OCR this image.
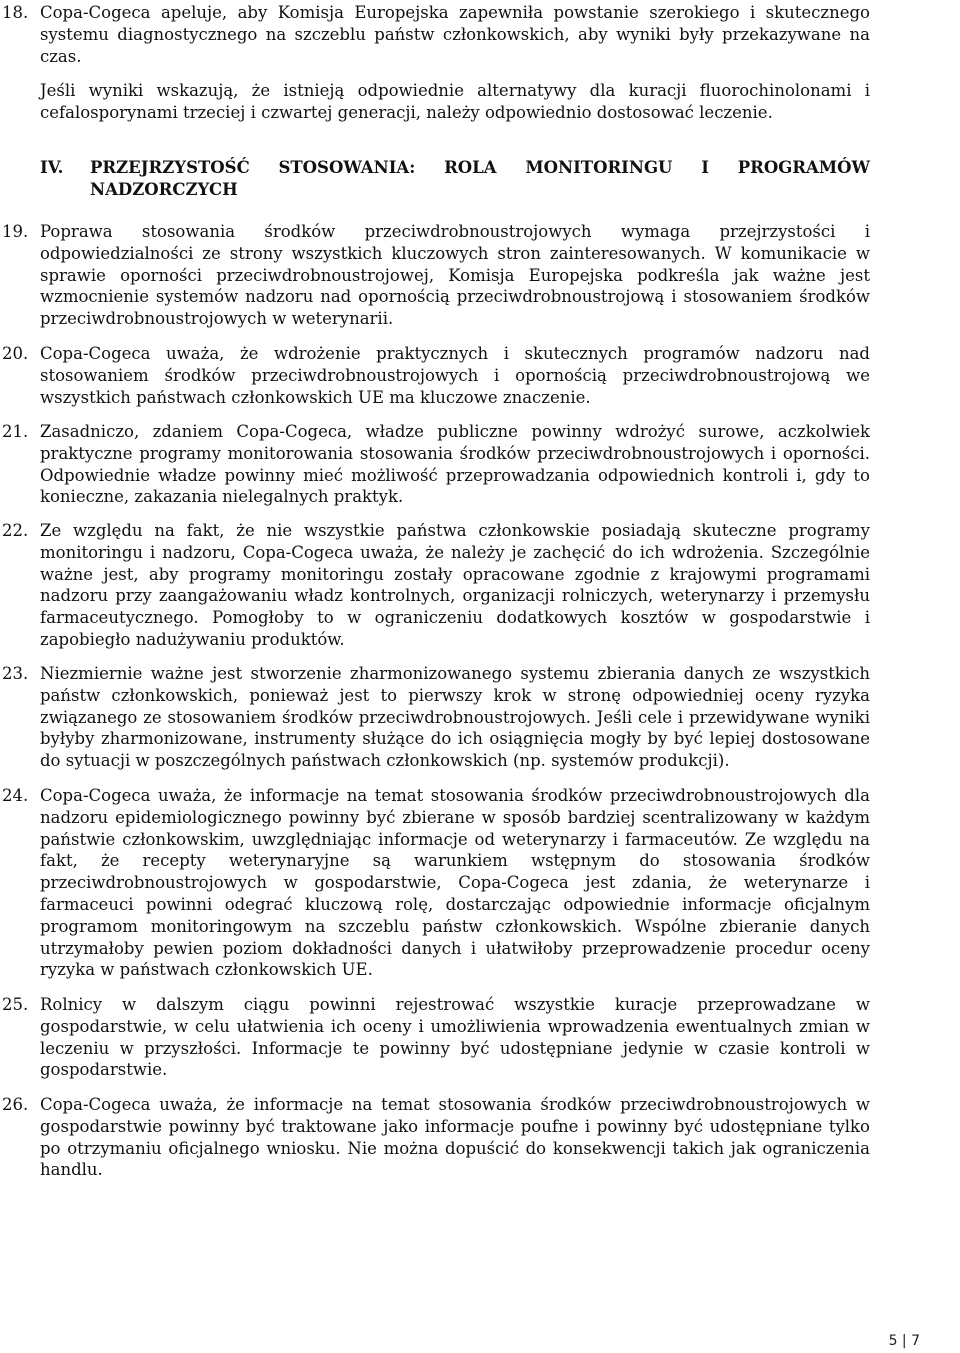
18. Copa-Cogeca apeluje, aby Komisja Europejska zapewniła powstanie szerokiego i skutecznego systemu diagnostycznego na szczeblu państw członkowskich, aby wyniki były przekazywane na czas.

Jeśli wyniki wskazują, że istnieją odpowiednie alternatywy dla kuracji fluorochinolonami i cefalosporynami trzeciej i czwartej generacji, należy odpowiednio dostosować leczenie.

IV.	PRZEJRZYSTOŚĆ STOSOWANIA: ROLA MONITORINGU I PROGRAMÓW NADZORCZYCH
19. Poprawa stosowania środków przeciwdrobnoustrojowych wymaga przejrzystości i odpowiedzialności ze strony wszystkich kluczowych stron zainteresowanych. W komunikacie w sprawie oporności przeciwdrobnoustrojowej, Komisja Europejska podkreśla jak ważne jest wzmocnienie systemów nadzoru nad opornością przeciwdrobnoustrojową i stosowaniem środków przeciwdrobnoustrojowych w weterynarii.

20. Copa-Cogeca uważa, że wdrożenie praktycznych i skutecznych programów nadzoru nad stosowaniem środków przeciwdrobnoustrojowych i opornością przeciwdrobnoustrojową we wszystkich państwach członkowskich UE ma kluczowe znaczenie.

21. Zasadniczo, zdaniem Copa-Cogeca, władze publiczne powinny wdrożyć surowe, aczkolwiek praktyczne programy monitorowania stosowania środków przeciwdrobnoustrojowych i oporności. Odpowiednie władze powinny mieć możliwość przeprowadzania odpowiednich kontroli i, gdy to konieczne, zakazania nielegalnych praktyk.

22. Ze względu na fakt, że nie wszystkie państwa członkowskie posiadają skuteczne programy monitoringu i nadzoru, Copa-Cogeca uważa, że należy je zachęcić do ich wdrożenia. Szczególnie ważne jest, aby programy monitoringu zostały opracowane zgodnie z krajowymi programami nadzoru przy zaangażowaniu władz kontrolnych, organizacji rolniczych, weterynarzy i przemysłu farmaceutycznego. Pomogłoby to w ograniczeniu dodatkowych kosztów w gospodarstwie i zapobiegło nadużywaniu produktów.

23. Niezmiernie ważne jest stworzenie zharmonizowanego systemu zbierania danych ze wszystkich państw członkowskich, ponieważ jest to pierwszy krok w stronę odpowiedniej oceny ryzyka związanego ze stosowaniem środków przeciwdrobnoustrojowych. Jeśli cele i przewidywane wyniki byłyby zharmonizowane, instrumenty służące do ich osiągnięcia mogły by być lepiej dostosowane do sytuacji w poszczególnych państwach członkowskich (np. systemów produkcji).

24. Copa-Cogeca uważa, że informacje na temat stosowania środków przeciwdrobnoustrojowych dla nadzoru epidemiologicznego powinny być zbierane w sposób bardziej scentralizowany w każdym państwie członkowskim, uwzględniając informacje od weterynarzy i farmaceutów. Ze względu na fakt, że recepty weterynaryjne są warunkiem wstępnym do stosowania środków przeciwdrobnoustrojowych w gospodarstwie, Copa-Cogeca jest zdania, że weterynarze i farmaceuci powinni odegrać kluczową rolę, dostarczając odpowiednie informacje oficjalnym programom monitoringowym na szczeblu państw członkowskich. Wspólne zbieranie danych utrzymałoby pewien poziom dokładności danych i ułatwiłoby przeprowadzenie procedur oceny ryzyka w państwach członkowskich UE.

25. Rolnicy w dalszym ciągu powinni rejestrować wszystkie kuracje przeprowadzane w gospodarstwie, w celu ułatwienia ich oceny i umożliwienia wprowadzenia ewentualnych zmian w leczeniu w przyszłości. Informacje te powinny być udostępniane jedynie w czasie kontroli w gospodarstwie.

26. Copa-Cogeca uważa, że informacje na temat stosowania środków przeciwdrobnoustrojowych w gospodarstwie powinny być traktowane jako informacje poufne i powinny być udostępniane tylko po otrzymaniu oficjalnego wniosku. Nie można dopuścić do konsekwencji takich jak ograniczenia handlu.

5 | 7
